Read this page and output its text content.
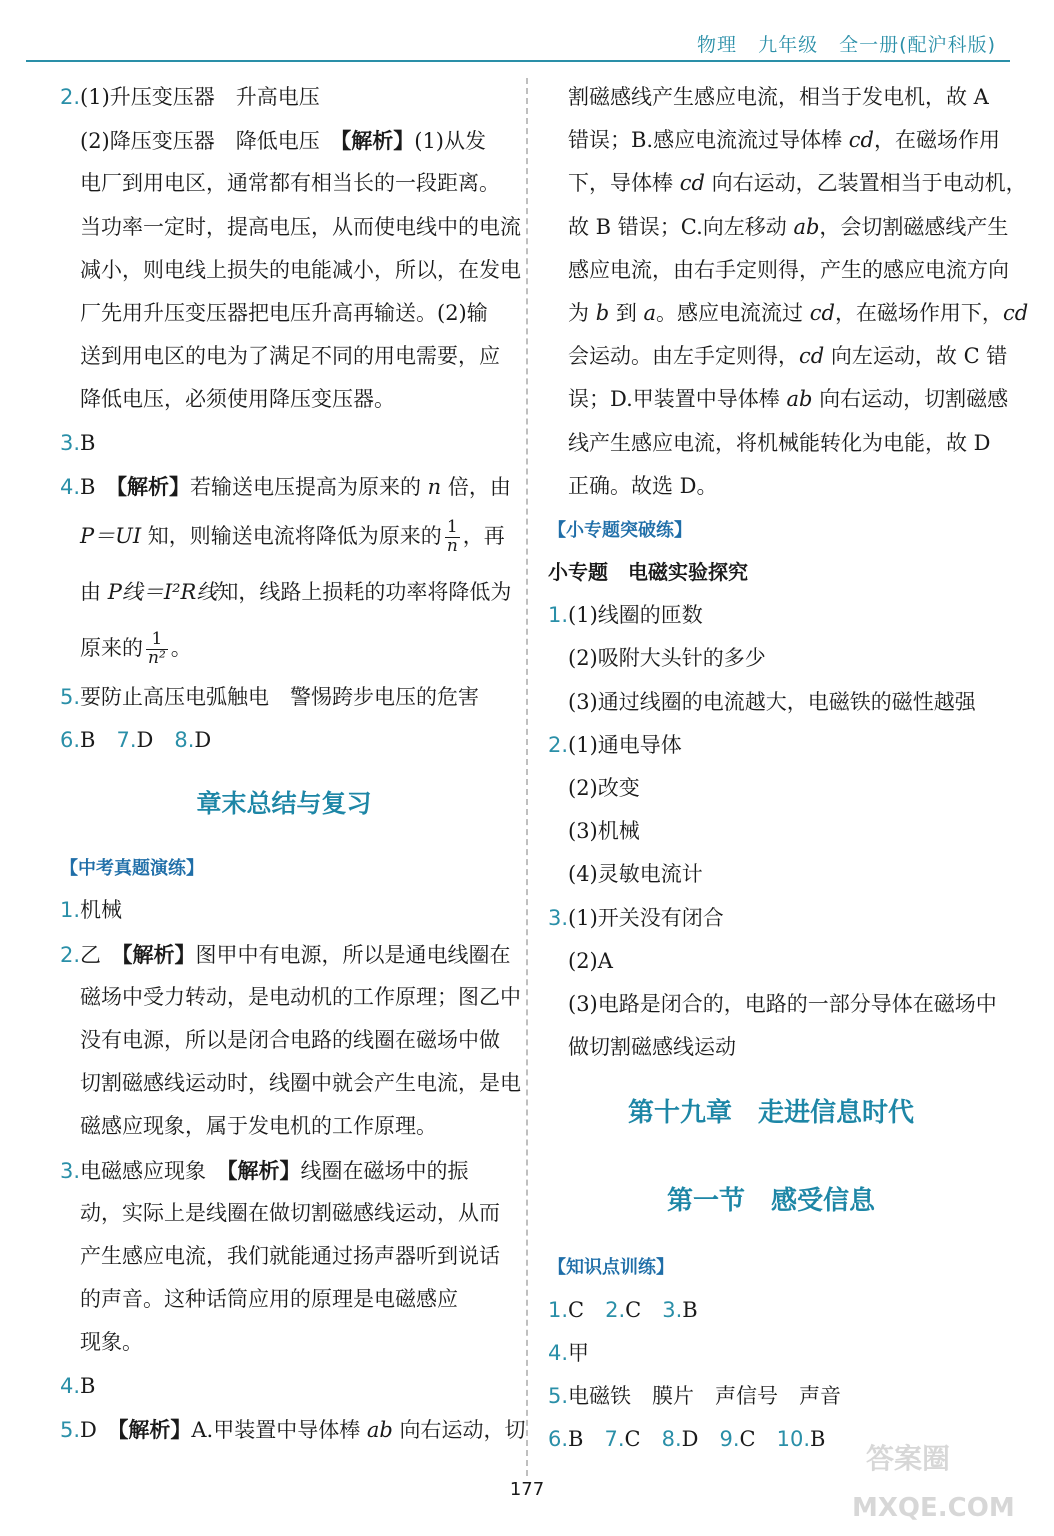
物理 九年级 全一册(配沪科版)
2.(1)升压变压器　升高电压
(2)降压变压器　降低电压　【解析】(1)从发
电厂到用电区，通常都有相当长的一段距离。
当功率一定时，提高电压，从而使电线中的电流
减小，则电线上损失的电能减小，所以，在发电
厂先用升压变压器把电压升高再输送。(2)输
送到用电区的电为了满足不同的用电需要，应
降低电压，必须使用降压变压器。
3.B
4.B　【解析】若输送电压提高为原来的 n 倍，由
P＝UI 知，则输送电流将降低为原来的 $\frac{1}{n}$ ，再
由 P线＝I²R线知，线路上损耗的功率将降低为
原来的 $\frac{1}{\text{n²}}$ 。
5.要防止高压电弧触电　警惕跨步电压的危害
6.B　7.D　8.D
章末总结与复习
【中考真题演练】
1.机械
2.乙　【解析】图甲中有电源，所以是通电线圈在
磁场中受力转动，是电动机的工作原理；图乙中
没有电源，所以是闭合电路的线圈在磁场中做
切割磁感线运动时，线圈中就会产生电流，是电
磁感应现象，属于发电机的工作原理。
3.电磁感应现象　【解析】线圈在磁场中的振
动，实际上是线圈在做切割磁感线运动，从而
产生感应电流，我们就能通过扬声器听到说话
的声音。这种话筒应用的原理是电磁感应
现象。
4.B
5.D　【解析】A.甲装置中导体棒 ab 向右运动，切
割磁感线产生感应电流，相当于发电机，故 A
错误；B.感应电流流过导体棒 cd，在磁场作用
下，导体棒 cd 向右运动，乙装置相当于电动机，
故 B 错误；C.向左移动 ab，会切割磁感线产生
感应电流，由右手定则得，产生的感应电流方向
为 b 到 a。感应电流流过 cd，在磁场作用下，cd
会运动。由左手定则得，cd 向左运动，故 C 错
误；D.甲装置中导体棒 ab 向右运动，切割磁感
线产生感应电流，将机械能转化为电能，故 D
正确。故选 D。
【小专题突破练】
小专题　电磁实验探究
1.(1)线圈的匝数
(2)吸附大头针的多少
(3)通过线圈的电流越大，电磁铁的磁性越强
2.(1)通电导体
(2)改变
(3)机械
(4)灵敏电流计
3.(1)开关没有闭合
(2)A
(3)电路是闭合的，电路的一部分导体在磁场中
做切割磁感线运动
第十九章　走进信息时代
第一节　感受信息
【知识点训练】
1.C　2.C　3.B
4.甲
5.电磁铁　膜片　声信号　声音
6.B　7.C　8.D　9.C　10.B
177
答案圈
MXQE.COM
